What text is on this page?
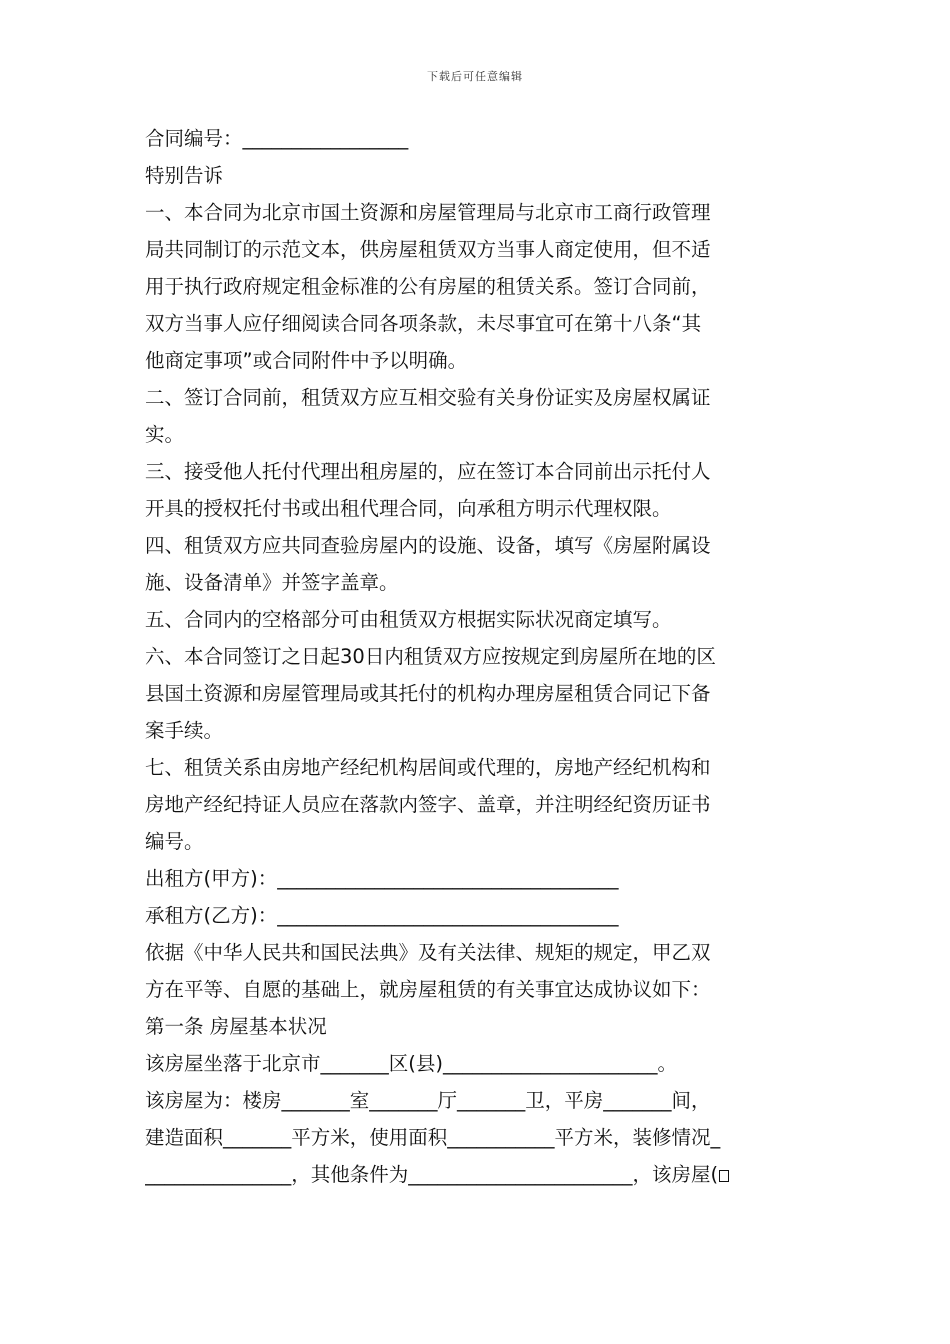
下载后可任意编辑
合同编号：_________________
特别告诉
一、本合同为北京市国土资源和房屋管理局与北京市工商行政管理
局共同制订的示范文本，供房屋租赁双方当事人商定使用，但不适
用于执行政府规定租金标准的公有房屋的租赁关系。签订合同前，
双方当事人应仔细阅读合同各项条款，未尽事宜可在第十八条“其
他商定事项”或合同附件中予以明确。
二、签订合同前，租赁双方应互相交验有关身份证实及房屋权属证
实。
三、接受他人托付代理出租房屋的，应在签订本合同前出示托付人
开具的授权托付书或出租代理合同，向承租方明示代理权限。
四、租赁双方应共同查验房屋内的设施、设备，填写《房屋附属设
施、设备清单》并签字盖章。
五、合同内的空格部分可由租赁双方根据实际状况商定填写。
六、本合同签订之日起30日内租赁双方应按规定到房屋所在地的区
县国土资源和房屋管理局或其托付的机构办理房屋租赁合同记下备
案手续。
七、租赁关系由房地产经纪机构居间或代理的，房地产经纪机构和
房地产经纪持证人员应在落款内签字、盖章，并注明经纪资历证书
编号。
出租方(甲方)：___________________________________
承租方(乙方)：___________________________________
依据《中华人民共和国民法典》及有关法律、规矩的规定，甲乙双
方在平等、自愿的基础上，就房屋租赁的有关事宜达成协议如下：
第一条 房屋基本状况
该房屋坐落于北京市_______区(县)______________________。
该房屋为：楼房_______室_______厅_______卫，平房_______间，
建造面积_______平方米，使用面积___________平方米，装修情况_
_______________，其他条件为_______________________，该房屋(
